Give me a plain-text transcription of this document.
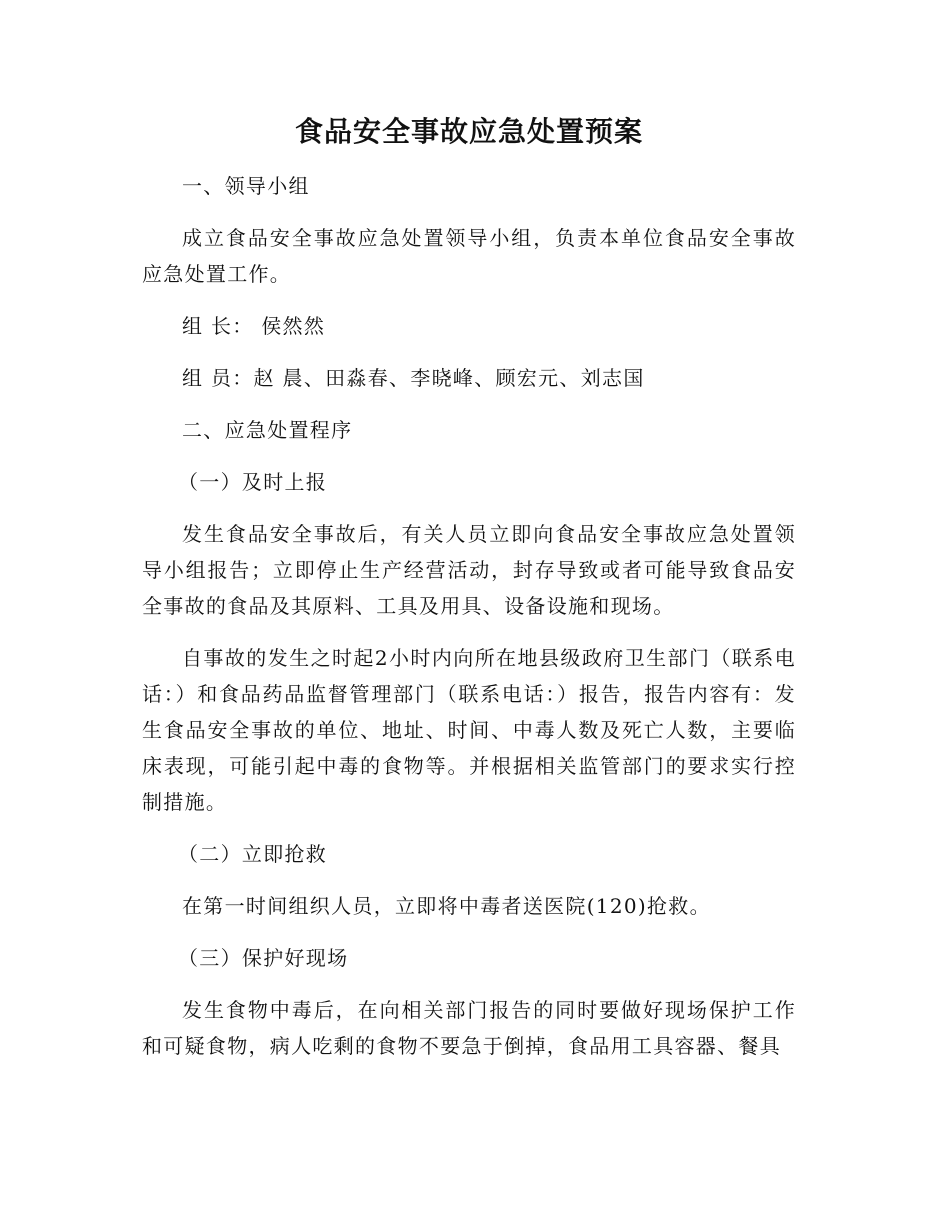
食品安全事故应急处置预案

一、领导小组

成立食品安全事故应急处置领导小组，负责本单位食品安全事故应急处置工作。

组 长： 侯然然

组 员：赵 晨、田淼春、李晓峰、顾宏元、刘志国

二、应急处置程序

（一）及时上报

发生食品安全事故后，有关人员立即向食品安全事故应急处置领导小组报告；立即停止生产经营活动，封存导致或者可能导致食品安全事故的食品及其原料、工具及用具、设备设施和现场。

自事故的发生之时起2小时内向所在地县级政府卫生部门（联系电话：）和食品药品监督管理部门（联系电话：）报告，报告内容有：发生食品安全事故的单位、地址、时间、中毒人数及死亡人数，主要临床表现，可能引起中毒的食物等。并根据相关监管部门的要求实行控制措施。

（二）立即抢救

在第一时间组织人员，立即将中毒者送医院(120)抢救。

（三）保护好现场

发生食物中毒后，在向相关部门报告的同时要做好现场保护工作和可疑食物，病人吃剩的食物不要急于倒掉，食品用工具容器、餐具
